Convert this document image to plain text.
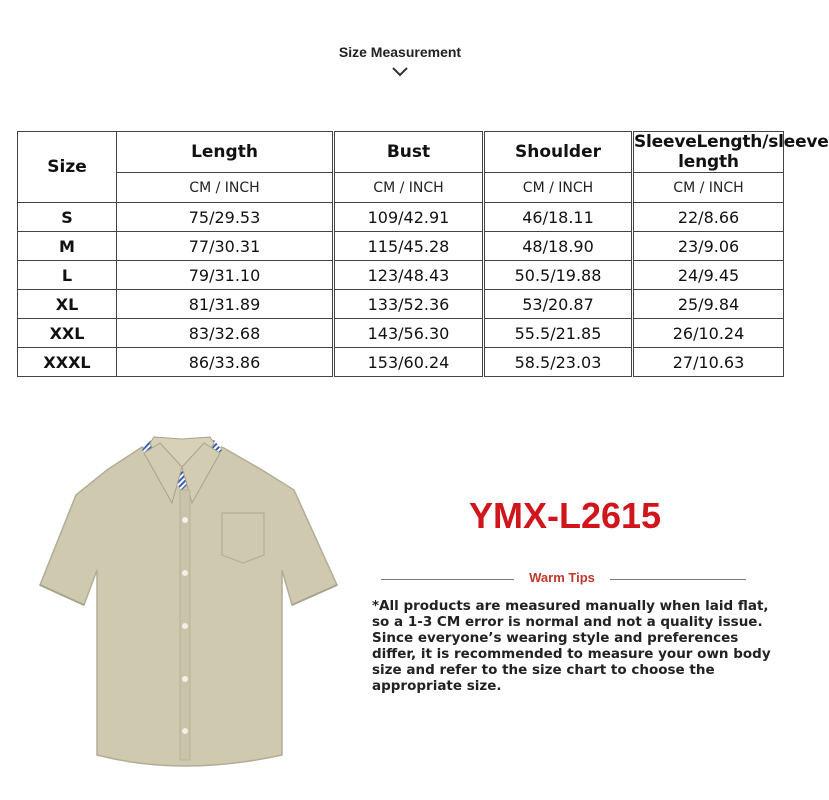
Size Measurement
Size	Length		Bust		Shoulder		SleeveLength/sleeve length
	CM / INCH		CM / INCH		CM / INCH		CM / INCH
S	75/29.53		109/42.91		46/18.11		22/8.66
M	77/30.31		115/45.28		48/18.90		23/9.06
L	79/31.10		123/48.43		50.5/19.88		24/9.45
XL	81/31.89		133/52.36		53/20.87		25/9.84
XXL	83/32.68		143/56.30		55.5/21.85		26/10.24
XXXL	86/33.86		153/60.24		58.5/23.03		27/10.63
YMX-L2615
Warm Tips
*All products are measured manually when laid flat, so a 1-3 CM error is normal and not a quality issue. Since everyone’s wearing style and preferences differ, it is recommended to measure your own body size and refer to the size chart to choose the appropriate size.
